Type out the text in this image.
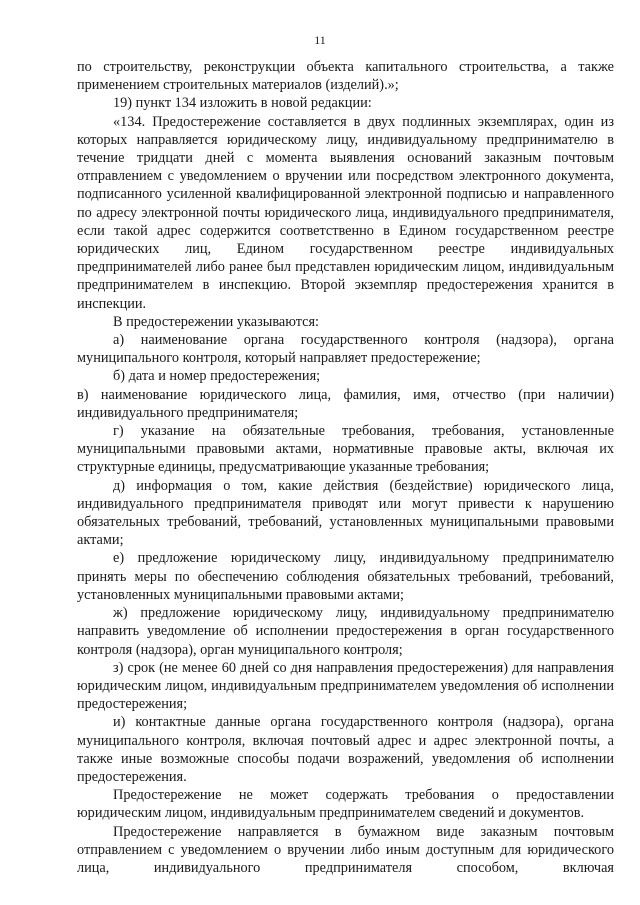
11

по строительству, реконструкции объекта капитального строительства, а также применением строительных материалов (изделий).»;

19) пункт 134 изложить в новой редакции:

«134. Предостережение составляется в двух подлинных экземплярах, один из которых направляется юридическому лицу, индивидуальному предпринимателю в течение тридцати дней с момента выявления оснований заказным почтовым отправлением с уведомлением о вручении или посредством электронного документа, подписанного усиленной квалифицированной электронной подписью и направленного по адресу электронной почты юридического лица, индивидуального предпринимателя, если такой адрес содержится соответственно в Едином государственном реестре юридических лиц, Едином государственном реестре индивидуальных предпринимателей либо ранее был представлен юридическим лицом, индивидуальным предпринимателем в инспекцию. Второй экземпляр предостережения хранится в инспекции.

В предостережении указываются:

а) наименование органа государственного контроля (надзора), органа муниципального контроля, который направляет предостережение;

б) дата и номер предостережения;

в) наименование юридического лица, фамилия, имя, отчество (при наличии) индивидуального предпринимателя;

г) указание на обязательные требования, требования, установленные муниципальными правовыми актами, нормативные правовые акты, включая их структурные единицы, предусматривающие указанные требования;

д) информация о том, какие действия (бездействие) юридического лица, индивидуального предпринимателя приводят или могут привести к нарушению обязательных требований, требований, установленных муниципальными правовыми актами;

е) предложение юридическому лицу, индивидуальному предпринимателю принять меры по обеспечению соблюдения обязательных требований, требований, установленных муниципальными правовыми актами;

ж) предложение юридическому лицу, индивидуальному предпринимателю направить уведомление об исполнении предостережения в орган государственного контроля (надзора), орган муниципального контроля;

з) срок (не менее 60 дней со дня направления предостережения) для направления юридическим лицом, индивидуальным предпринимателем уведомления об исполнении предостережения;

и) контактные данные органа государственного контроля (надзора), органа муниципального контроля, включая почтовый адрес и адрес электронной почты, а также иные возможные способы подачи возражений, уведомления об исполнении предостережения.

Предостережение не может содержать требования о предоставлении юридическим лицом, индивидуальным предпринимателем сведений и документов.

Предостережение направляется в бумажном виде заказным почтовым отправлением с уведомлением о вручении либо иным доступным для юридического лица, индивидуального предпринимателя способом, включая
